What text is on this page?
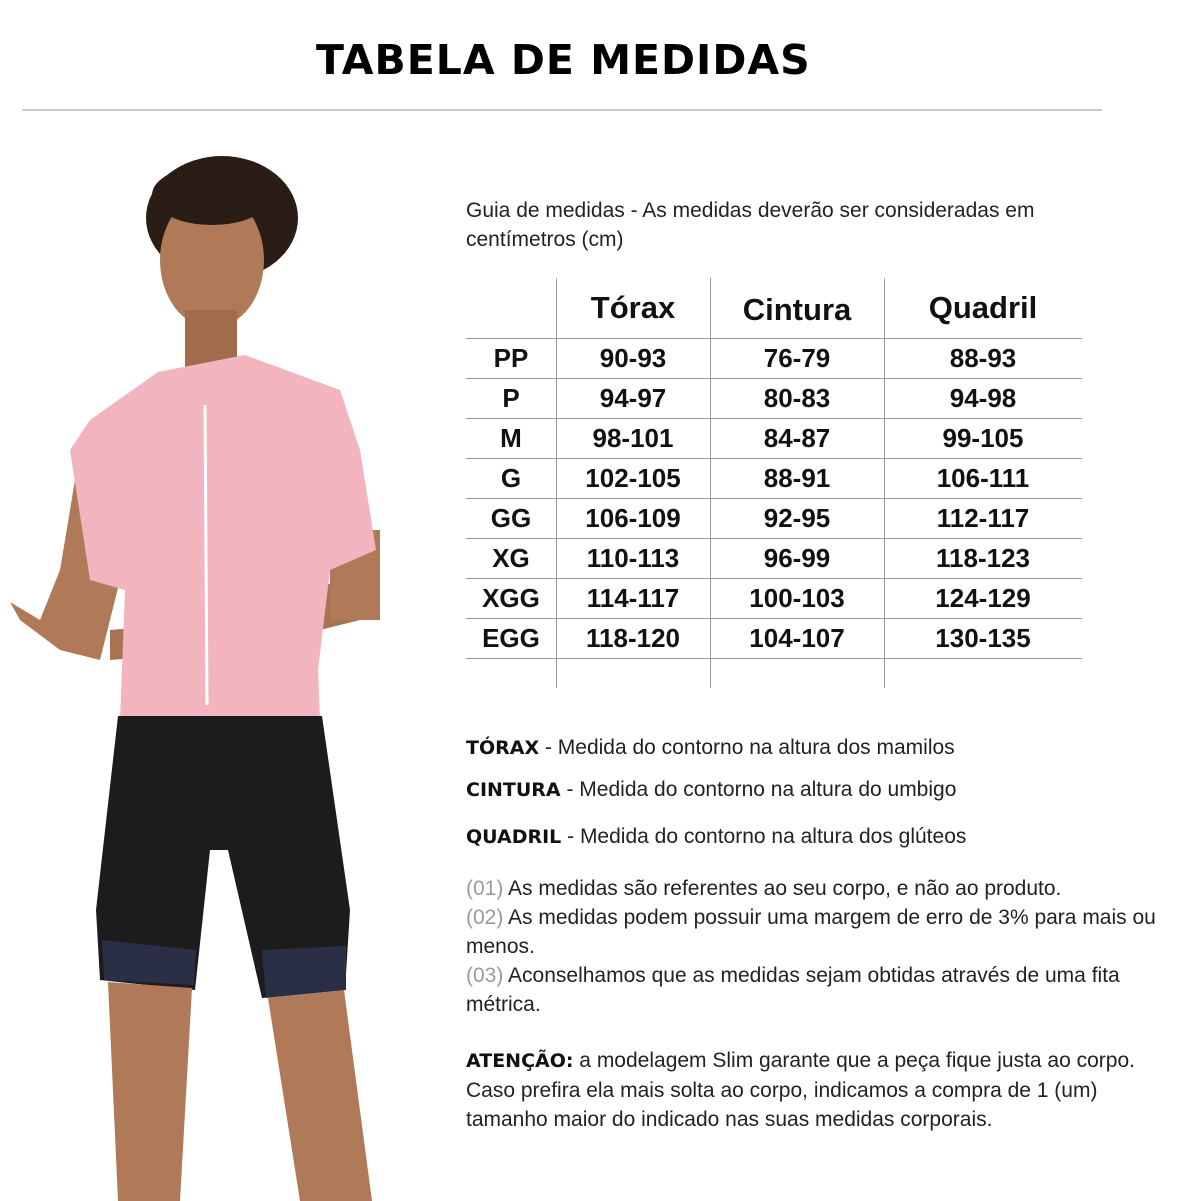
TABELA DE MEDIDAS
Guia de medidas - As medidas deverão ser consideradas em centímetros (cm)
Tórax	Cintura	Quadril
PP	90-93	76-79	88-93
P	94-97	80-83	94-98
M	98-101	84-87	99-105
G	102-105	88-91	106-111
GG	106-109	92-95	112-117
XG	110-113	96-99	118-123
XGG	114-117	100-103	124-129
EGG	118-120	104-107	130-135
TÓRAX - Medida do contorno na altura dos mamilos
CINTURA - Medida do contorno na altura do umbigo
QUADRIL - Medida do contorno na altura dos glúteos

(01) As medidas são referentes ao seu corpo, e não ao produto.

(02) As medidas podem possuir uma margem de erro de 3% para mais ou menos.

(03) Aconselhamos que as medidas sejam obtidas através de uma fita métrica.

ATENÇÃO: a modelagem Slim garante que a peça fique justa ao corpo. Caso prefira ela mais solta ao corpo, indicamos a compra de 1 (um) tamanho maior do indicado nas suas medidas corporais.
